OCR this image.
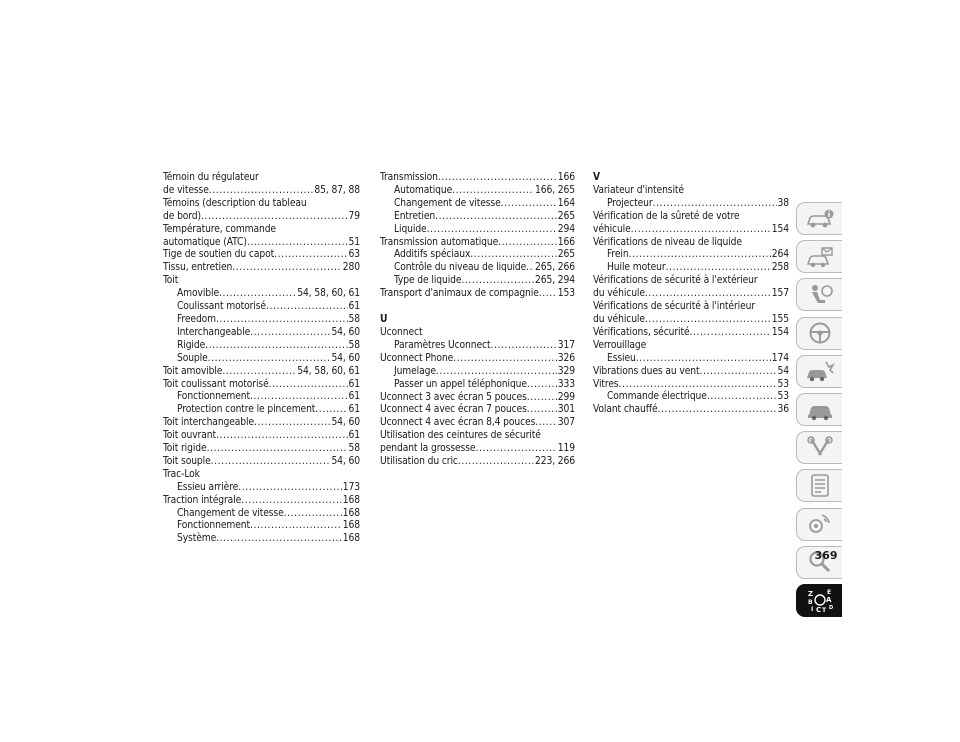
Témoin du régulateur
de vitesse .....	85, 87, 88
Témoins (description du tableau
de bord) .....	79
Température, commande
automatique (ATC) .....	51
Tige de soutien du capot .....	63
Tissu, entretien .....	280
Toit
Amovible .....	54, 58, 60, 61
Coulissant motorisé .....	61
Freedom .....	58
Interchangeable .....	54, 60
Rigide .....	58
Souple .....	54, 60
Toit amovible .....	54, 58, 60, 61
Toit coulissant motorisé .....	61
Fonctionnement .....	61
Protection contre le pincement .....	61
Toit interchangeable .....	54, 60
Toit ouvrant .....	61
Toit rigide .....	58
Toit souple .....	54, 60
Trac-Lok
Essieu arrière .....	173
Traction intégrale .....	168
Changement de vitesse .....	168
Fonctionnement .....	168
Système .....	168
Transmission .....	166
Automatique .....	166, 265
Changement de vitesse .....	164
Entretien .....	265
Liquide .....	294
Transmission automatique .....	166
Additifs spéciaux .....	265
Contrôle du niveau de liquide ..... 265, 266
Type de liquide .....	265, 294
Transport d'animaux de compagnie ..... 153
U
Uconnect
Paramètres Uconnect .....	317
Uconnect Phone .....	326
Jumelage .....	329
Passer un appel téléphonique .....	333
Uconnect 3 avec écran 5 pouces .....	299
Uconnect 4 avec écran 7 pouces .....	301
Uconnect 4 avec écran 8,4 pouces ..... 307
Utilisation des ceintures de sécurité
pendant la grossesse .....	119
Utilisation du cric .....	223, 266
V
Variateur d'intensité
Projecteur .....	38
Vérification de la sûreté de votre
véhicule .....	154
Vérifications de niveau de liquide
Frein .....	264
Huile moteur .....	258
Vérifications de sécurité à l'extérieur
du véhicule .....	157
Vérifications de sécurité à l'intérieur
du véhicule .....	155
Vérifications, sécurité .....	154
Verrouillage
Essieu .....	174
Vibrations dues au vent .....	54
Vitres .....	53
Commande électrique .....	53
Volant chauffé .....	36
Z E
B A
I C T D
369
